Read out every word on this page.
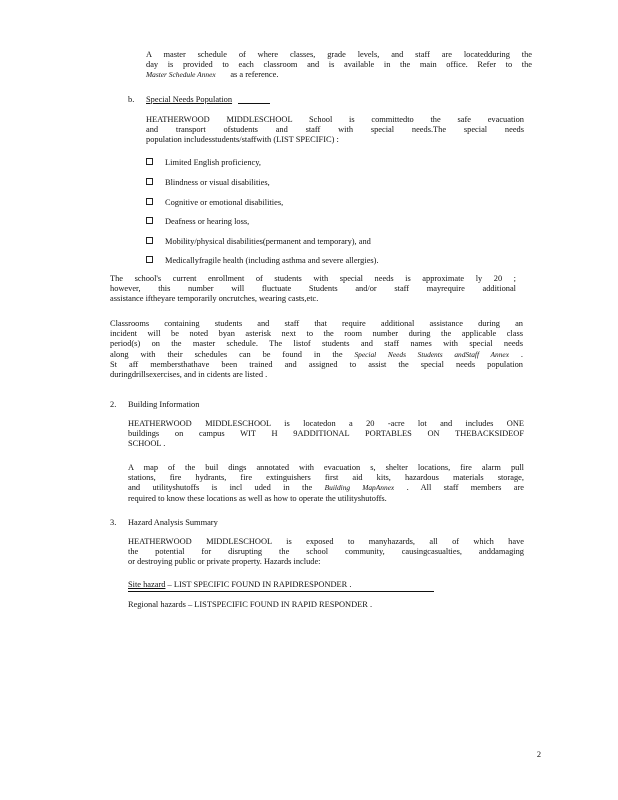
A master schedule of where classes, grade levels, and staff are locatedduring the
day is provided to each classroom and is available in the main office. Refer to the
Master Schedule Annex as a reference.
b. Special Needs Population
HEATHERWOOD MIDDLESCHOOL School is committedto the safe evacuation
and transport ofstudents and staff with special needs.The special needs
population includesstudents/staffwith (LIST SPECIFIC) :
Limited English proficiency,
Blindness or visual disabilities,
Cognitive or emotional disabilities,
Deafness or hearing loss,
Mobility/physical disabilities(permanent and temporary), and
Medicallyfragile health (including asthma and severe allergies).
The school's current enrollment of students with special needs is approximate ly 20 ;
however, this number will fluctuate Students and/or staff mayrequire additional
assistance iftheyare temporarily oncrutches, wearing casts,etc.
Classrooms containing students and staff that require additional assistance during an
incident will be noted byan asterisk next to the room number during the applicable class
period(s) on the master schedule. The listof students and staff names with special needs
along with their schedules can be found in the Special Needs Students andStaff Annex .
St aff membersthathave been trained and assigned to assist the special needs population
duringdrillsexercises, and in cidents are listed .
2. Building Information
HEATHERWOOD MIDDLESCHOOL is locatedon a 20 -acre lot and includes ONE
buildings on campus WIT H 9ADDITIONAL PORTABLES ON THEBACKSIDEOF
SCHOOL .
A map of the buil dings annotated with evacuation s, shelter locations, fire alarm pull
stations, fire hydrants, fire extinguishers first aid kits, hazardous materials storage,
and utilityshutoffs is incl uded in the Building MapAnnex . All staff members are
required to know these locations as well as how to operate the utilityshutoffs.
3. Hazard Analysis Summary
HEATHERWOOD MIDDLESCHOOL is exposed to manyhazards, all of which have
the potential for disrupting the school community, causingcasualties, anddamaging
or destroying public or private property. Hazards include:
Site hazard – LIST SPECIFIC FOUND IN RAPIDRESPONDER .
Regional hazards – LISTSPECIFIC FOUND IN RAPID RESPONDER .
2
